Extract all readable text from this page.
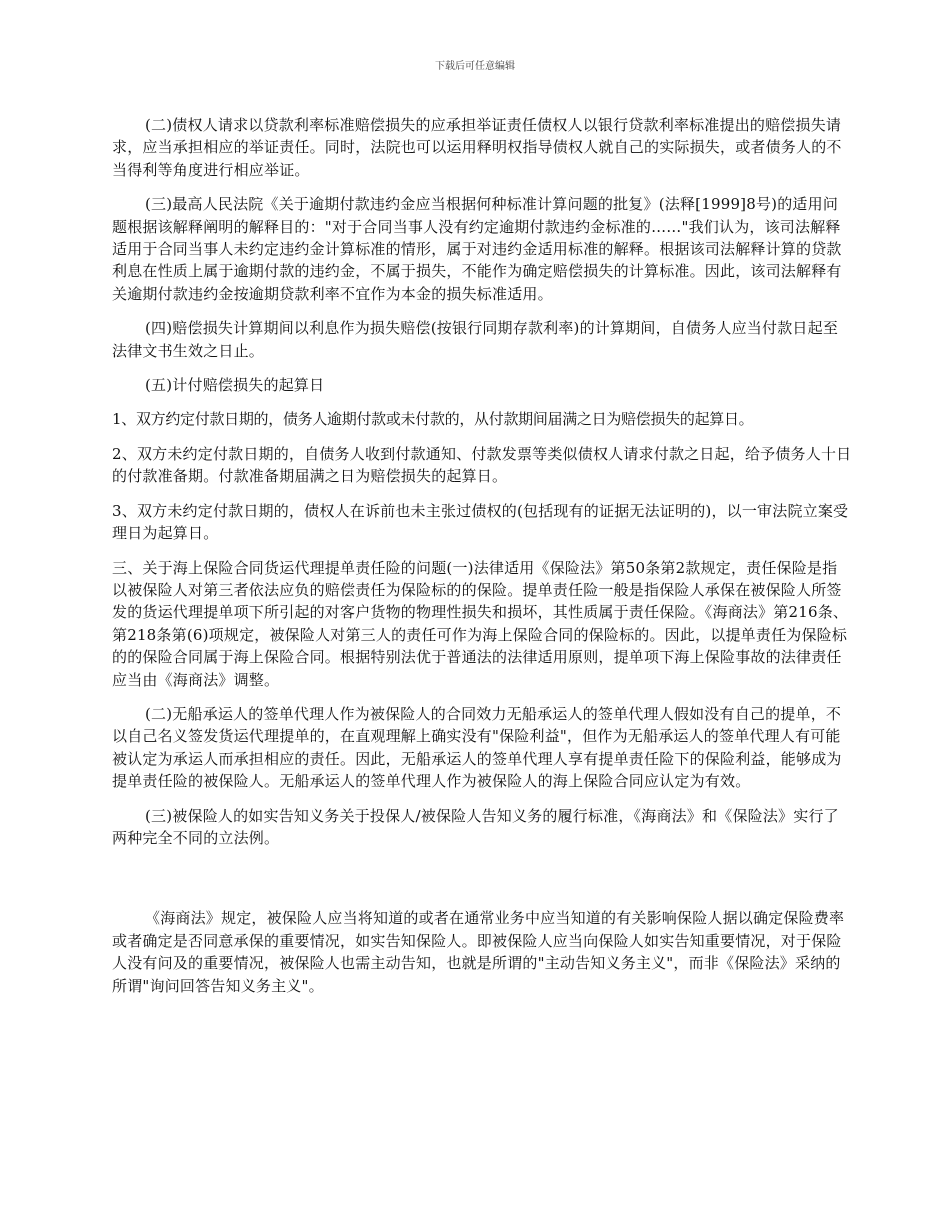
下载后可任意编辑

(二)债权人请求以贷款利率标准赔偿损失的应承担举证责任债权人以银行贷款利率标准提出的赔偿损失请求，应当承担相应的举证责任。同时，法院也可以运用释明权指导债权人就自己的实际损失，或者债务人的不当得利等角度进行相应举证。

(三)最高人民法院《关于逾期付款违约金应当根据何种标准计算问题的批复》(法释[1999]8号)的适用问题根据该解释阐明的解释目的："对于合同当事人没有约定逾期付款违约金标准的……"我们认为，该司法解释适用于合同当事人未约定违约金计算标准的情形，属于对违约金适用标准的解释。根据该司法解释计算的贷款利息在性质上属于逾期付款的违约金，不属于损失，不能作为确定赔偿损失的计算标准。因此，该司法解释有关逾期付款违约金按逾期贷款利率不宜作为本金的损失标准适用。

(四)赔偿损失计算期间以利息作为损失赔偿(按银行同期存款利率)的计算期间，自债务人应当付款日起至法律文书生效之日止。

(五)计付赔偿损失的起算日

1、双方约定付款日期的，债务人逾期付款或未付款的，从付款期间届满之日为赔偿损失的起算日。

2、双方未约定付款日期的，自债务人收到付款通知、付款发票等类似债权人请求付款之日起，给予债务人十日的付款准备期。付款准备期届满之日为赔偿损失的起算日。

3、双方未约定付款日期的，债权人在诉前也未主张过债权的(包括现有的证据无法证明的)，以一审法院立案受理日为起算日。

三、关于海上保险合同货运代理提单责任险的问题(一)法律适用《保险法》第50条第2款规定，责任保险是指以被保险人对第三者依法应负的赔偿责任为保险标的的保险。提单责任险一般是指保险人承保在被保险人所签发的货运代理提单项下所引起的对客户货物的物理性损失和损坏，其性质属于责任保险。《海商法》第216条、第218条第(6)项规定，被保险人对第三人的责任可作为海上保险合同的保险标的。因此，以提单责任为保险标的的保险合同属于海上保险合同。根据特别法优于普通法的法律适用原则，提单项下海上保险事故的法律责任应当由《海商法》调整。

(二)无船承运人的签单代理人作为被保险人的合同效力无船承运人的签单代理人假如没有自己的提单，不以自己名义签发货运代理提单的，在直观理解上确实没有"保险利益"，但作为无船承运人的签单代理人有可能被认定为承运人而承担相应的责任。因此，无船承运人的签单代理人享有提单责任险下的保险利益，能够成为提单责任险的被保险人。无船承运人的签单代理人作为被保险人的海上保险合同应认定为有效。

(三)被保险人的如实告知义务关于投保人/被保险人告知义务的履行标准，《海商法》和《保险法》实行了两种完全不同的立法例。

《海商法》规定，被保险人应当将知道的或者在通常业务中应当知道的有关影响保险人据以确定保险费率或者确定是否同意承保的重要情况，如实告知保险人。即被保险人应当向保险人如实告知重要情况，对于保险人没有问及的重要情况，被保险人也需主动告知，也就是所谓的"主动告知义务主义"，而非《保险法》采纳的所谓"询问回答告知义务主义"。
